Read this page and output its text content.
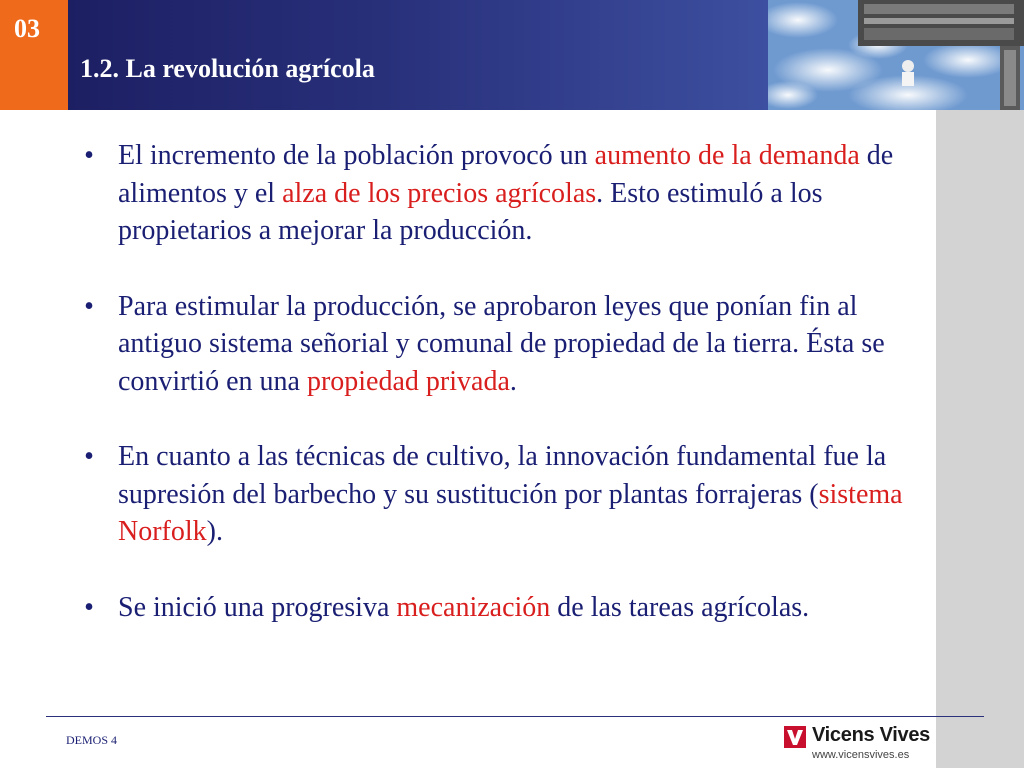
03
1.2. La revolución agrícola
• El incremento de la población provocó un aumento de la demanda de alimentos y el alza de los precios agrícolas. Esto estimuló a los propietarios a mejorar la producción.
• Para estimular la producción, se aprobaron leyes que ponían fin al antiguo sistema señorial y comunal de propiedad de la tierra. Ésta se convirtió en una propiedad privada.
• En cuanto a las técnicas de cultivo, la innovación fundamental fue la supresión del barbecho y su sustitución por plantas forrajeras (sistema Norfolk).
• Se inició una progresiva mecanización de las tareas agrícolas.
DEMOS 4	Vicens Vives
www.vicensvives.es
